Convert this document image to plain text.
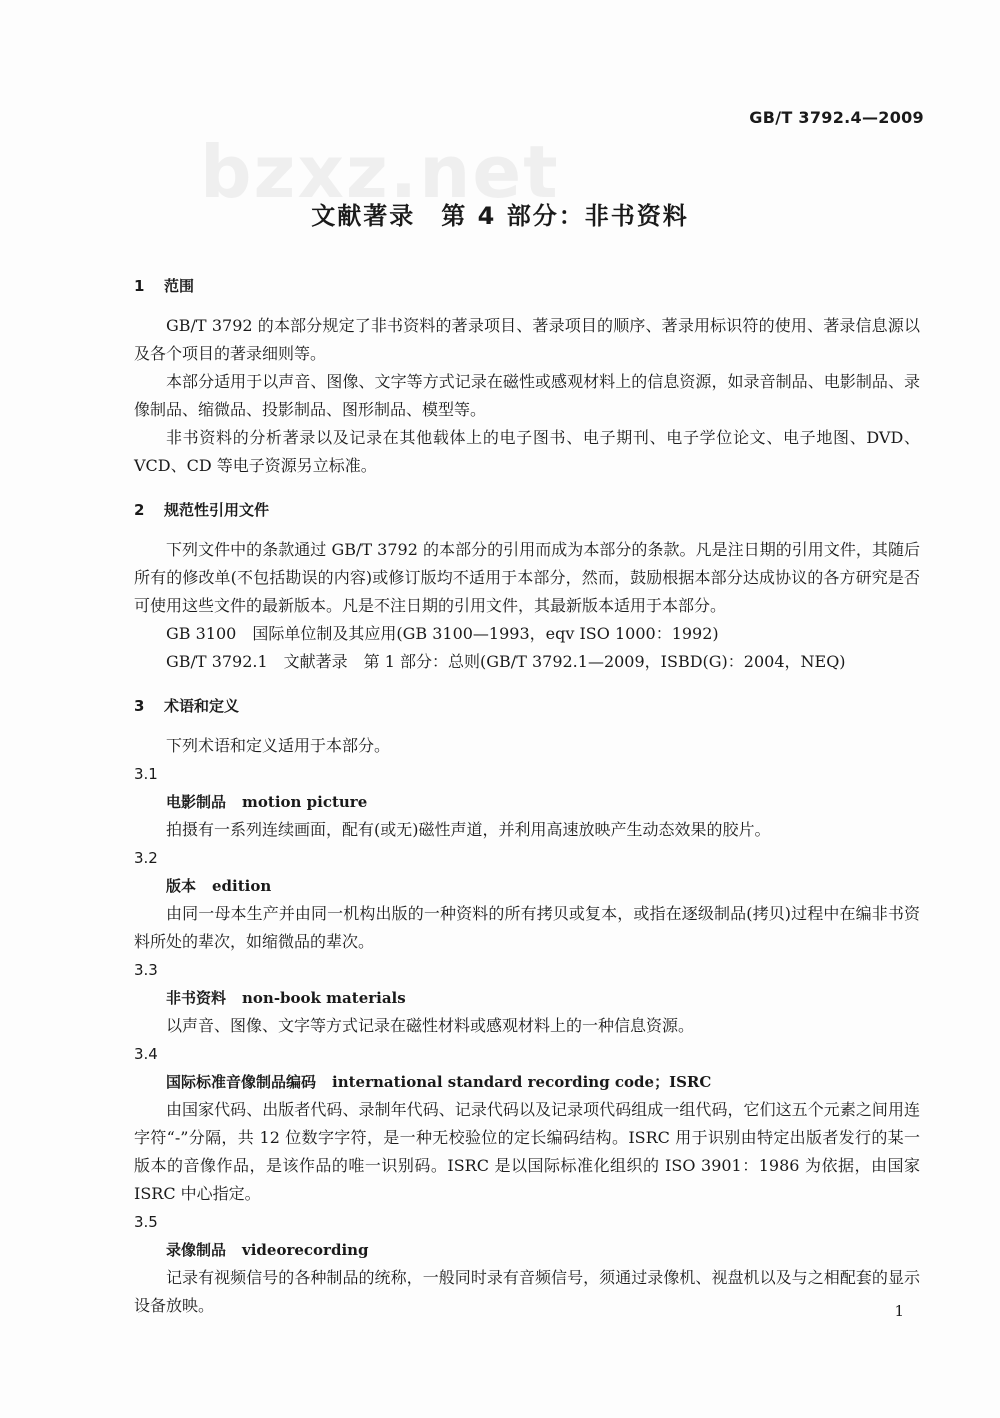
bzxz.net
GB/T 3792.4—2009
文献著录　第 4 部分：非书资料
1 范围

GB/T 3792 的本部分规定了非书资料的著录项目、著录项目的顺序、著录用标识符的使用、著录信息源以及各个项目的著录细则等。

本部分适用于以声音、图像、文字等方式记录在磁性或感观材料上的信息资源，如录音制品、电影制品、录像制品、缩微品、投影制品、图形制品、模型等。

非书资料的分析著录以及记录在其他载体上的电子图书、电子期刊、电子学位论文、电子地图、DVD、VCD、CD 等电子资源另立标准。

2 规范性引用文件

下列文件中的条款通过 GB/T 3792 的本部分的引用而成为本部分的条款。凡是注日期的引用文件，其随后所有的修改单(不包括勘误的内容)或修订版均不适用于本部分，然而，鼓励根据本部分达成协议的各方研究是否可使用这些文件的最新版本。凡是不注日期的引用文件，其最新版本适用于本部分。

GB 3100　国际单位制及其应用(GB 3100—1993，eqv ISO 1000：1992)
GB/T 3792.1　文献著录　第 1 部分：总则(GB/T 3792.1—2009，ISBD(G)：2004，NEQ)
3 术语和定义

下列术语和定义适用于本部分。

3.1
电影制品 motion picture

拍摄有一系列连续画面，配有(或无)磁性声道，并利用高速放映产生动态效果的胶片。

3.2
版本 edition

由同一母本生产并由同一机构出版的一种资料的所有拷贝或复本，或指在逐级制品(拷贝)过程中在编非书资料所处的辈次，如缩微品的辈次。

3.3
非书资料 non-book materials

以声音、图像、文字等方式记录在磁性材料或感观材料上的一种信息资源。

3.4
国际标准音像制品编码 international standard recording code；ISRC

由国家代码、出版者代码、录制年代码、记录代码以及记录项代码组成一组代码，它们这五个元素之间用连字符“-”分隔，共 12 位数字字符，是一种无校验位的定长编码结构。ISRC 用于识别由特定出版者发行的某一版本的音像作品，是该作品的唯一识别码。ISRC 是以国际标准化组织的 ISO 3901：1986 为依据，由国家 ISRC 中心指定。

3.5
录像制品 videorecording

记录有视频信号的各种制品的统称，一般同时录有音频信号，须通过录像机、视盘机以及与之相配套的显示设备放映。	1
